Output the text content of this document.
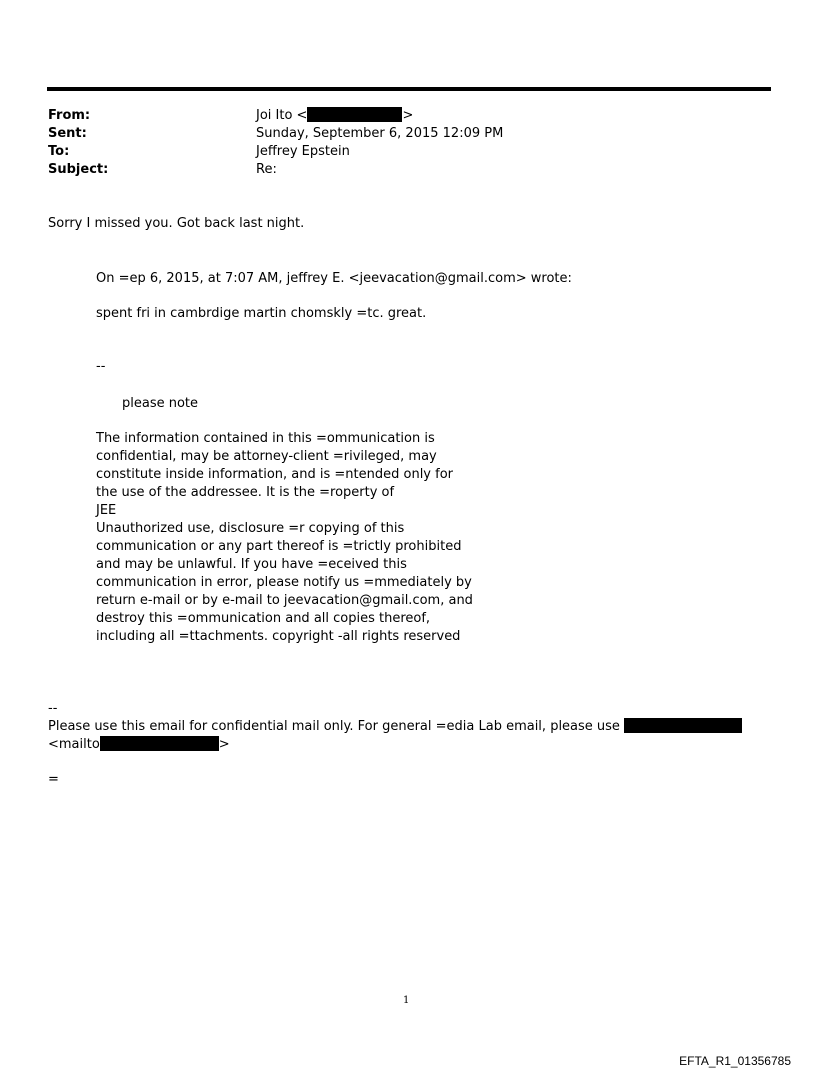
From:	Joi Ito <	>
Sent:	Sunday, September 6, 2015 12:09 PM
To:	Jeffrey Epstein
Subject:	Re:
Sorry I missed you. Got back last night.
On =ep 6, 2015, at 7:07 AM, jeffrey E. <jeevacation@gmail.com> wrote:
spent fri in cambrdige martin chomskly =tc. great.
--
please note
The information contained in this =ommunication is
confidential, may be attorney-client =rivileged, may
constitute inside information, and is =ntended only for
the use of the addressee. It is the =roperty of
JEE
Unauthorized use, disclosure =r copying of this
communication or any part thereof is =trictly prohibited
and may be unlawful. If you have =eceived this
communication in error, please notify us =mmediately by
return e-mail or by e-mail to jeevacation@gmail.com, and
destroy this =ommunication and all copies thereof,
including all =ttachments. copyright -all rights reserved
--
Please use this email for confidential mail only. For general =edia Lab email, please use
<mailto	>
=
1
EFTA_R1_01356785
